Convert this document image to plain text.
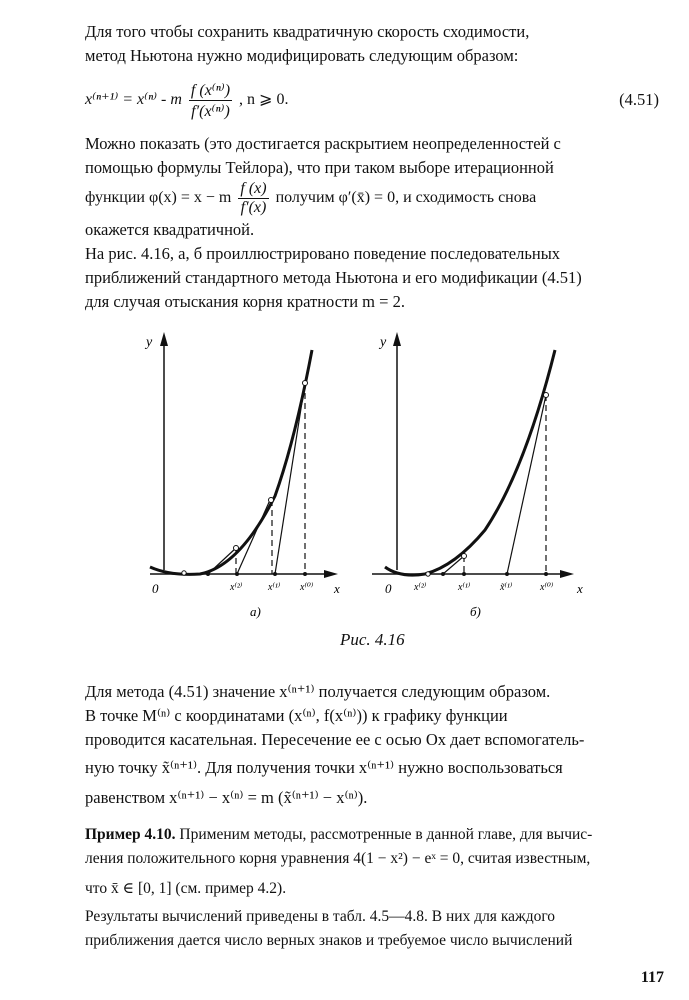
Для того чтобы сохранить квадратичную скорость сходимости,
метод Ньютона нужно модифицировать следующим образом:
x⁽ⁿ⁺¹⁾ = x⁽ⁿ⁾ - m $\frac{\text{f (x⁽ⁿ⁾)}}{\text{f′(x⁽ⁿ⁾)}}$ , n ⩾ 0.	(4.51)
Можно показать (это достигается раскрытием неопределенностей с
помощью формулы Тейлора), что при таком выборе итерационной
функции φ(x) = x − m $\frac{f (x)}{f'(x)}$ получим φ′(x̄) = 0, и сходимость снова
окажется квадратичной.
На рис. 4.16, а, б проиллюстрировано поведение последовательных
приближений стандартного метода Ньютона и его модификации (4.51)
для случая отыскания корня кратности m = 2.
y
0	x
x⁽²⁾	x⁽¹⁾ x⁽⁰⁾
а)
y
0	x
x⁽²⁾	x⁽¹⁾	x̃⁽¹⁾	x⁽⁰⁾
б)
Рис. 4.16
Для метода (4.51) значение x⁽ⁿ⁺¹⁾ получается следующим образом.
В точке M⁽ⁿ⁾ с координатами (x⁽ⁿ⁾, f(x⁽ⁿ⁾)) к графику функции
проводится касательная. Пересечение ее с осью Ox дает вспомогатель-
ную точку x̃⁽ⁿ⁺¹⁾. Для получения точки x⁽ⁿ⁺¹⁾ нужно воспользоваться
равенством x⁽ⁿ⁺¹⁾ − x⁽ⁿ⁾ = m (x̃⁽ⁿ⁺¹⁾ − x⁽ⁿ⁾).
Пример 4.10. Применим методы, рассмотренные в данной главе, для вычис-
ления положительного корня уравнения 4(1 − x²) − eˣ = 0, считая известным,
что x̄ ∈ [0, 1] (см. пример 4.2).
Результаты вычислений приведены в табл. 4.5—4.8. В них для каждого
приближения дается число верных знаков и требуемое число вычислений
117
